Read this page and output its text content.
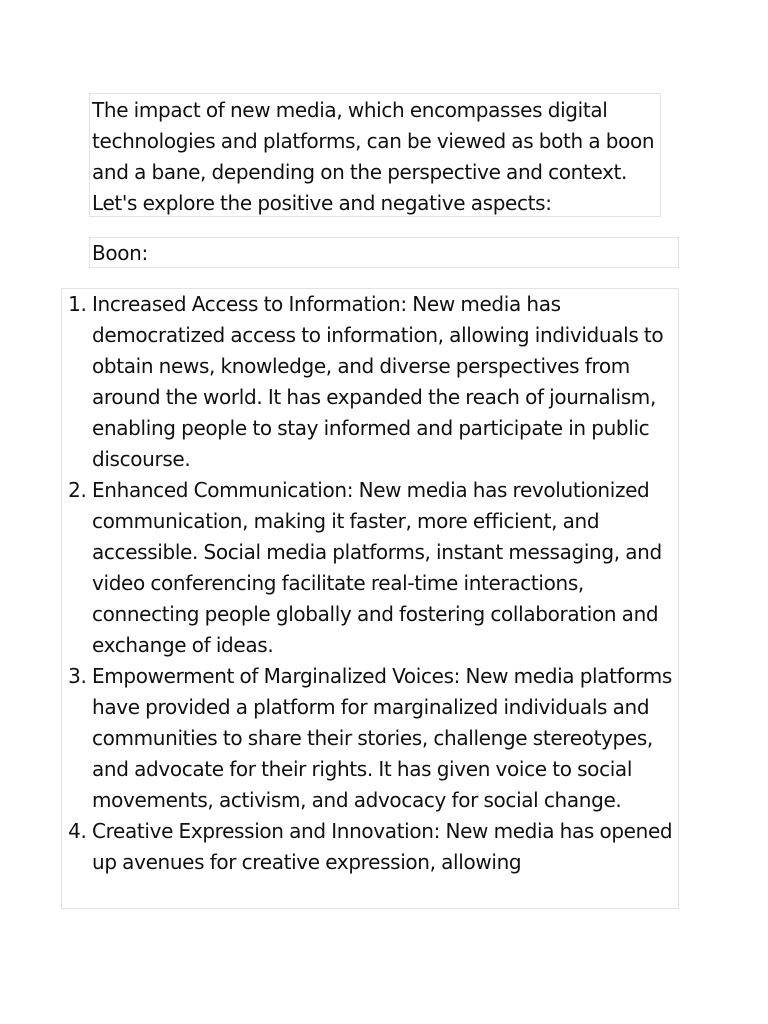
The impact of new media, which encompasses digital technologies and platforms, can be viewed as both a boon and a bane, depending on the perspective and context. Let's explore the positive and negative aspects:
Boon:
1. Increased Access to Information: New media has democratized access to information, allowing individuals to obtain news, knowledge, and diverse perspectives from around the world. It has expanded the reach of journalism, enabling people to stay informed and participate in public discourse.
2. Enhanced Communication: New media has revolutionized communication, making it faster, more efficient, and accessible. Social media platforms, instant messaging, and video conferencing facilitate real-time interactions, connecting people globally and fostering collaboration and exchange of ideas.
3. Empowerment of Marginalized Voices: New media platforms have provided a platform for marginalized individuals and communities to share their stories, challenge stereotypes, and advocate for their rights. It has given voice to social movements, activism, and advocacy for social change.
4. Creative Expression and Innovation: New media has opened up avenues for creative expression, allowing
